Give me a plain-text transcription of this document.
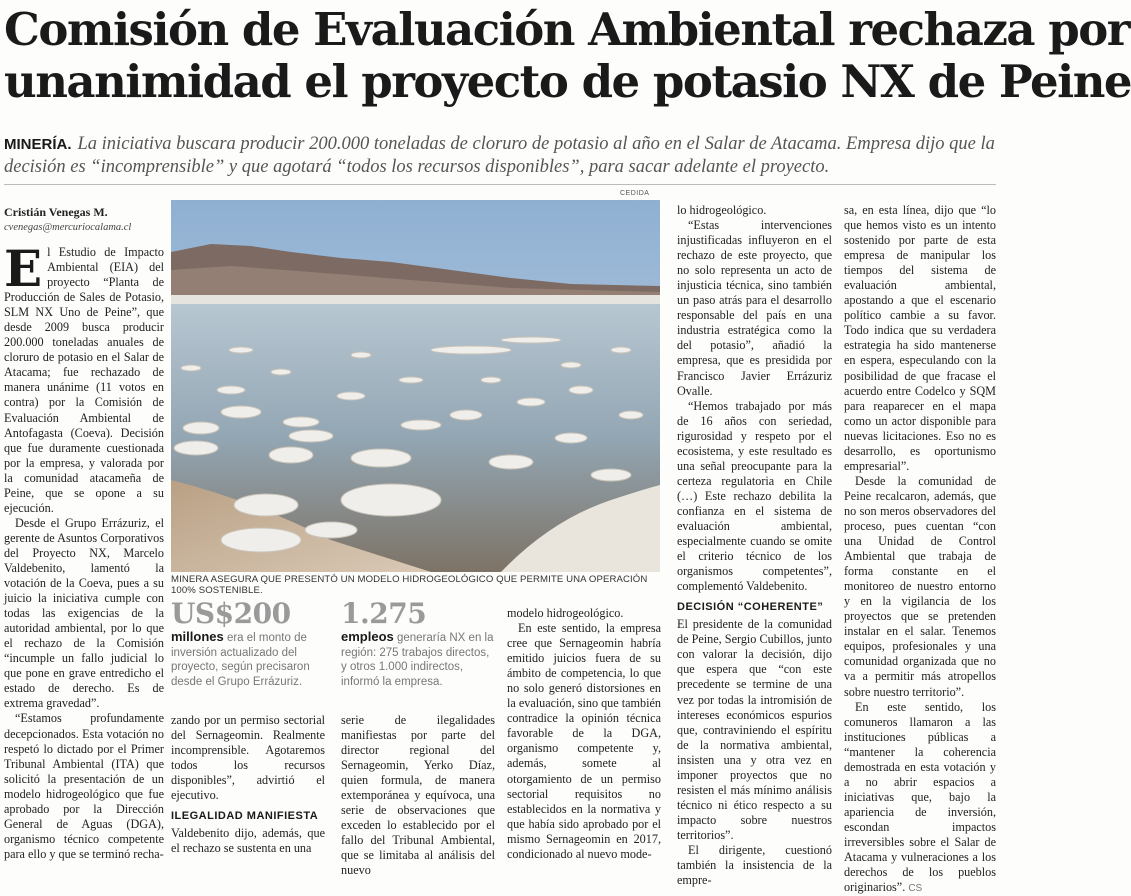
Comisión de Evaluación Ambiental rechaza por
unanimidad el proyecto de potasio NX de Peine
MINERÍA. La iniciativa buscara producir 200.000 toneladas de cloruro de potasio al año en el Salar de Atacama. Empresa dijo que la decisión es “incomprensible” y que agotará “todos los recursos disponibles”, para sacar adelante el proyecto.
Cristián Venegas M.
cvenegas@mercuriocalama.cl

El Estudio de Impacto Ambiental (EIA) del proyecto “Planta de Producción de Sales de Potasio, SLM NX Uno de Peine”, que desde 2009 busca producir 200.000 toneladas anuales de cloruro de potasio en el Salar de Atacama; fue rechazado de manera unánime (11 votos en contra) por la Comisión de Evaluación Ambiental de Antofagasta (Coeva). Decisión que fue duramente cuestionada por la empresa, y valorada por la comunidad atacameña de Peine, que se opone a su ejecución.

Desde el Grupo Errázuriz, el gerente de Asuntos Corporativos del Proyecto NX, Marcelo Valdebenito, lamentó la votación de la Coeva, pues a su juicio la iniciativa cumple con todas las exigencias de la autoridad ambiental, por lo que el rechazo de la Comisión “incumple un fallo judicial lo que pone en grave entredicho el estado de derecho. Es de extrema gravedad”.

“Estamos profundamente decepcionados. Esta votación no respetó lo dictado por el Primer Tribunal Ambiental (ITA) que solicitó la presentación de un modelo hidrogeológico que fue aprobado por la Dirección General de Aguas (DGA), organismo técnico competente para ello y que se terminó recha-

CEDIDA
MINERA ASEGURA QUE PRESENTÓ UN MODELO HIDROGEOLÓGICO QUE PERMITE UNA OPERACIÓN 100% SOSTENIBLE.
US$200
millones era el monto de inversión actualizado del proyecto, según precisaron desde el Grupo Errázuriz.
1.275
empleos generaría NX en la región: 275 trabajos directos, y otros 1.000 indirectos, informó la empresa.

zando por un permiso sectorial del Sernageomin. Realmente incomprensible. Agotaremos todos los recursos disponibles”, advirtió el ejecutivo.

ILEGALIDAD MANIFIESTA

Valdebenito dijo, además, que el rechazo se sustenta en una

serie de ilegalidades manifiestas por parte del director regional del Sernageomin, Yerko Díaz, quien formula, de manera extemporánea y equívoca, una serie de observaciones que exceden lo establecido por el fallo del Tribunal Ambiental, que se limitaba al análisis del nuevo

modelo hidrogeológico.

En este sentido, la empresa cree que Sernageomin habría emitido juicios fuera de su ámbito de competencia, lo que no solo generó distorsiones en la evaluación, sino que también contradice la opinión técnica favorable de la DGA, organismo competente y, además, somete al otorgamiento de un permiso sectorial requisitos no establecidos en la normativa y que había sido aprobado por el mismo Sernageomin en 2017, condicionado al nuevo mode-

lo hidrogeológico.

“Estas intervenciones injustificadas influyeron en el rechazo de este proyecto, que no solo representa un acto de injusticia técnica, sino también un paso atrás para el desarrollo responsable del país en una industria estratégica como la del potasio”, añadió la empresa, que es presidida por Francisco Javier Errázuriz Ovalle.

“Hemos trabajado por más de 16 años con seriedad, rigurosidad y respeto por el ecosistema, y este resultado es una señal preocupante para la certeza regulatoria en Chile (…) Este rechazo debilita la confianza en el sistema de evaluación ambiental, especialmente cuando se omite el criterio técnico de los organismos competentes”, complementó Valdebenito.

DECISIÓN “COHERENTE”

El presidente de la comunidad de Peine, Sergio Cubillos, junto con valorar la decisión, dijo que espera que “con este precedente se termine de una vez por todas la intromisión de intereses económicos espurios que, contraviniendo el espíritu de la normativa ambiental, insisten una y otra vez en imponer proyectos que no resisten el más mínimo análisis técnico ni ético respecto a su impacto sobre nuestros territorios”.

El dirigente, cuestionó también la insistencia de la empre-

sa, en esta línea, dijo que “lo que hemos visto es un intento sostenido por parte de esta empresa de manipular los tiempos del sistema de evaluación ambiental, apostando a que el escenario político cambie a su favor. Todo indica que su verdadera estrategia ha sido mantenerse en espera, especulando con la posibilidad de que fracase el acuerdo entre Codelco y SQM para reaparecer en el mapa como un actor disponible para nuevas licitaciones. Eso no es desarrollo, es oportunismo empresarial”.

Desde la comunidad de Peine recalcaron, además, que no son meros observadores del proceso, pues cuentan “con una Unidad de Control Ambiental que trabaja de forma constante en el monitoreo de nuestro entorno y en la vigilancia de los proyectos que se pretenden instalar en el salar. Tenemos equipos, profesionales y una comunidad organizada que no va a permitir más atropellos sobre nuestro territorio”.

En este sentido, los comuneros llamaron a las instituciones públicas a “mantener la coherencia demostrada en esta votación y a no abrir espacios a iniciativas que, bajo la apariencia de inversión, escondan impactos irreversibles sobre el Salar de Atacama y vulneraciones a los derechos de los pueblos originarios”. CS
